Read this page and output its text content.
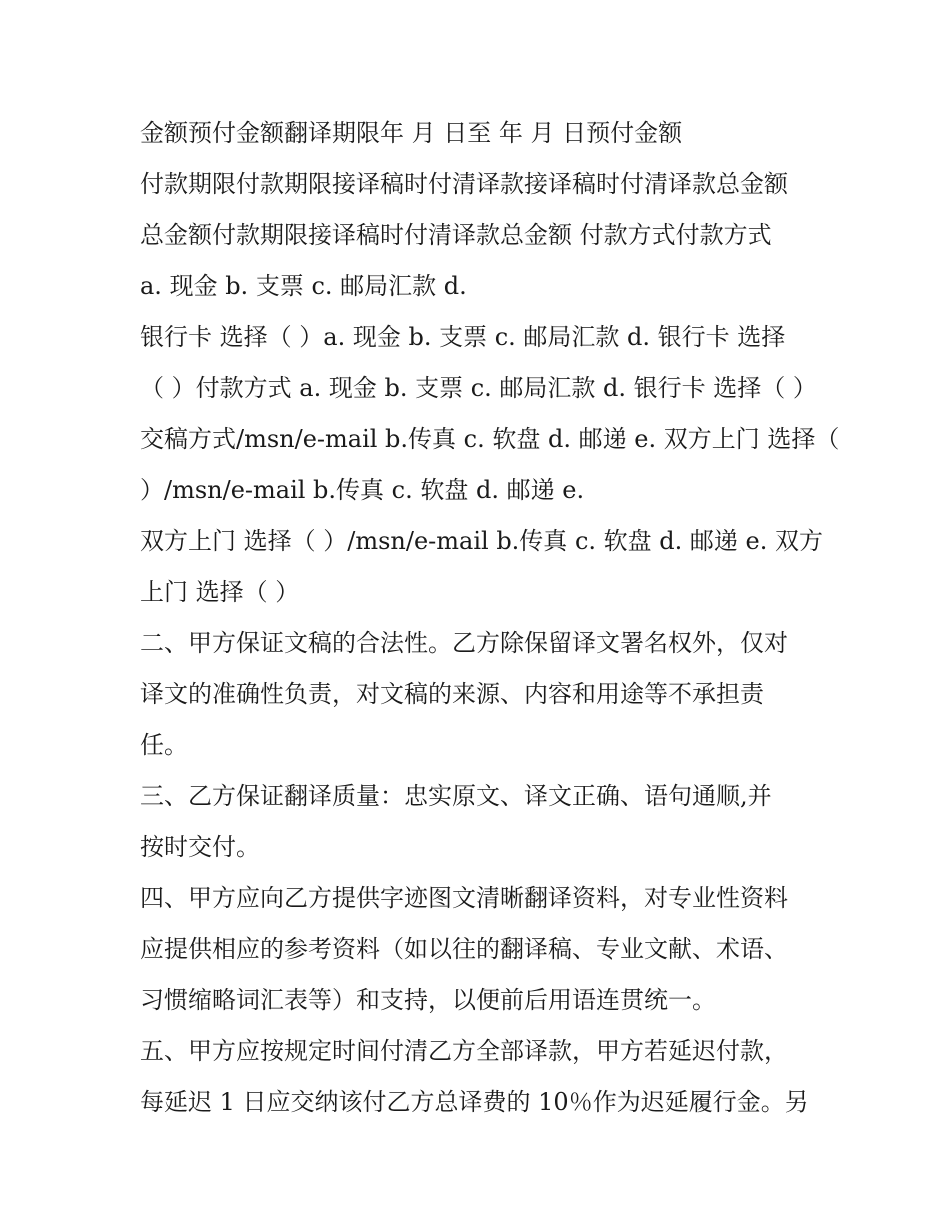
金额预付金额翻译期限年 月 日至 年 月 日预付金额

付款期限付款期限接译稿时付清译款接译稿时付清译款总金额

总金额付款期限接译稿时付清译款总金额 付款方式付款方式

a. 现金 b. 支票 c. 邮局汇款 d.

银行卡 选择（ ）a. 现金 b. 支票 c. 邮局汇款 d. 银行卡 选择

（ ）付款方式 a. 现金 b. 支票 c. 邮局汇款 d. 银行卡 选择（ ）

交稿方式/msn/e-mail b.传真 c. 软盘 d. 邮递 e. 双方上门 选择（

）/msn/e-mail b.传真 c. 软盘 d. 邮递 e.

双方上门 选择（ ）/msn/e-mail b.传真 c. 软盘 d. 邮递 e. 双方

上门 选择（ ）

二、甲方保证文稿的合法性。乙方除保留译文署名权外，仅对

译文的准确性负责，对文稿的来源、内容和用途等不承担责

任。

三、乙方保证翻译质量：忠实原文、译文正确、语句通顺,并

按时交付。

四、甲方应向乙方提供字迹图文清晰翻译资料，对专业性资料

应提供相应的参考资料（如以往的翻译稿、专业文献、术语、

习惯缩略词汇表等）和支持，以便前后用语连贯统一。

五、甲方应按规定时间付清乙方全部译款，甲方若延迟付款，

每延迟 1 日应交纳该付乙方总译费的 10％作为迟延履行金。另
